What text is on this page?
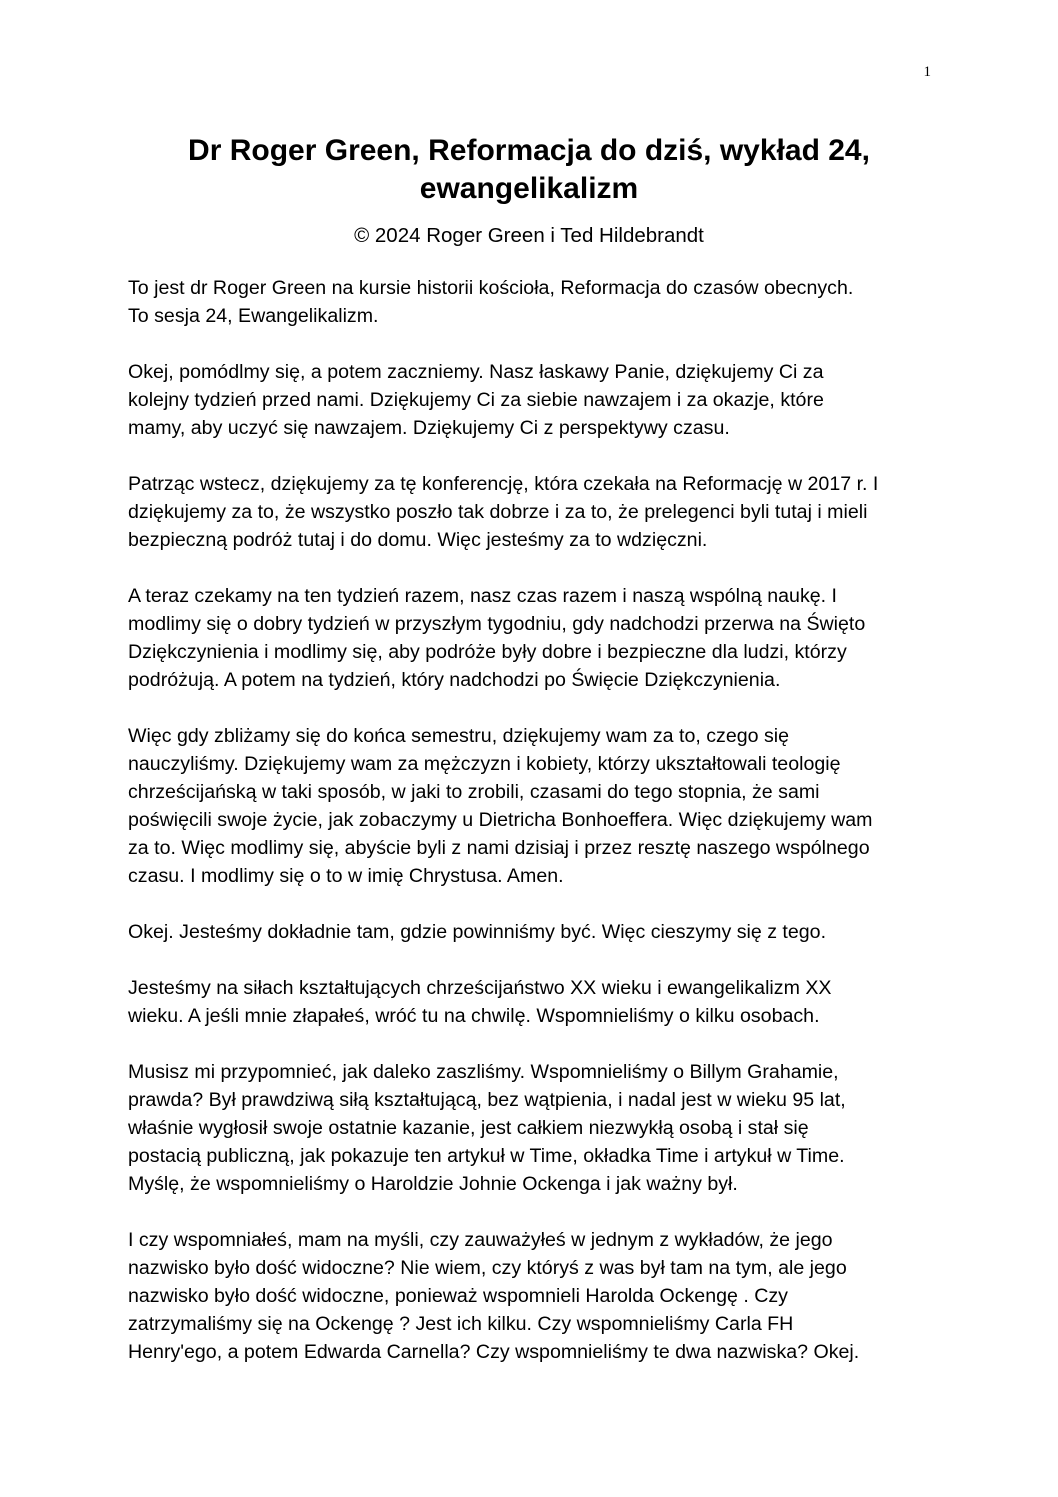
1
Dr Roger Green, Reformacja do dziś, wykład 24,
ewangelikalizm
© 2024 Roger Green i Ted Hildebrandt

To jest dr Roger Green na kursie historii kościoła, Reformacja do czasów obecnych.
To sesja 24, Ewangelikalizm.

Okej, pomódlmy się, a potem zaczniemy. Nasz łaskawy Panie, dziękujemy Ci za
kolejny tydzień przed nami. Dziękujemy Ci za siebie nawzajem i za okazje, które
mamy, aby uczyć się nawzajem. Dziękujemy Ci z perspektywy czasu.

Patrząc wstecz, dziękujemy za tę konferencję, która czekała na Reformację w 2017 r. I
dziękujemy za to, że wszystko poszło tak dobrze i za to, że prelegenci byli tutaj i mieli
bezpieczną podróż tutaj i do domu. Więc jesteśmy za to wdzięczni.

A teraz czekamy na ten tydzień razem, nasz czas razem i naszą wspólną naukę. I
modlimy się o dobry tydzień w przyszłym tygodniu, gdy nadchodzi przerwa na Święto
Dziękczynienia i modlimy się, aby podróże były dobre i bezpieczne dla ludzi, którzy
podróżują. A potem na tydzień, który nadchodzi po Święcie Dziękczynienia.

Więc gdy zbliżamy się do końca semestru, dziękujemy wam za to, czego się
nauczyliśmy. Dziękujemy wam za mężczyzn i kobiety, którzy ukształtowali teologię
chrześcijańską w taki sposób, w jaki to zrobili, czasami do tego stopnia, że sami
poświęcili swoje życie, jak zobaczymy u Dietricha Bonhoeffera. Więc dziękujemy wam
za to. Więc modlimy się, abyście byli z nami dzisiaj i przez resztę naszego wspólnego
czasu. I modlimy się o to w imię Chrystusa. Amen.

Okej. Jesteśmy dokładnie tam, gdzie powinniśmy być. Więc cieszymy się z tego.

Jesteśmy na siłach kształtujących chrześcijaństwo XX wieku i ewangelikalizm XX
wieku. A jeśli mnie złapałeś, wróć tu na chwilę. Wspomnieliśmy o kilku osobach.

Musisz mi przypomnieć, jak daleko zaszliśmy. Wspomnieliśmy o Billym Grahamie,
prawda? Był prawdziwą siłą kształtującą, bez wątpienia, i nadal jest w wieku 95 lat,
właśnie wygłosił swoje ostatnie kazanie, jest całkiem niezwykłą osobą i stał się
postacią publiczną, jak pokazuje ten artykuł w Time, okładka Time i artykuł w Time.
Myślę, że wspomnieliśmy o Haroldzie Johnie Ockenga i jak ważny był.

I czy wspomniałeś, mam na myśli, czy zauważyłeś w jednym z wykładów, że jego
nazwisko było dość widoczne? Nie wiem, czy któryś z was był tam na tym, ale jego
nazwisko było dość widoczne, ponieważ wspomnieli Harolda Ockengę . Czy
zatrzymaliśmy się na Ockengę ? Jest ich kilku. Czy wspomnieliśmy Carla FH
Henry'ego, a potem Edwarda Carnella? Czy wspomnieliśmy te dwa nazwiska? Okej.
